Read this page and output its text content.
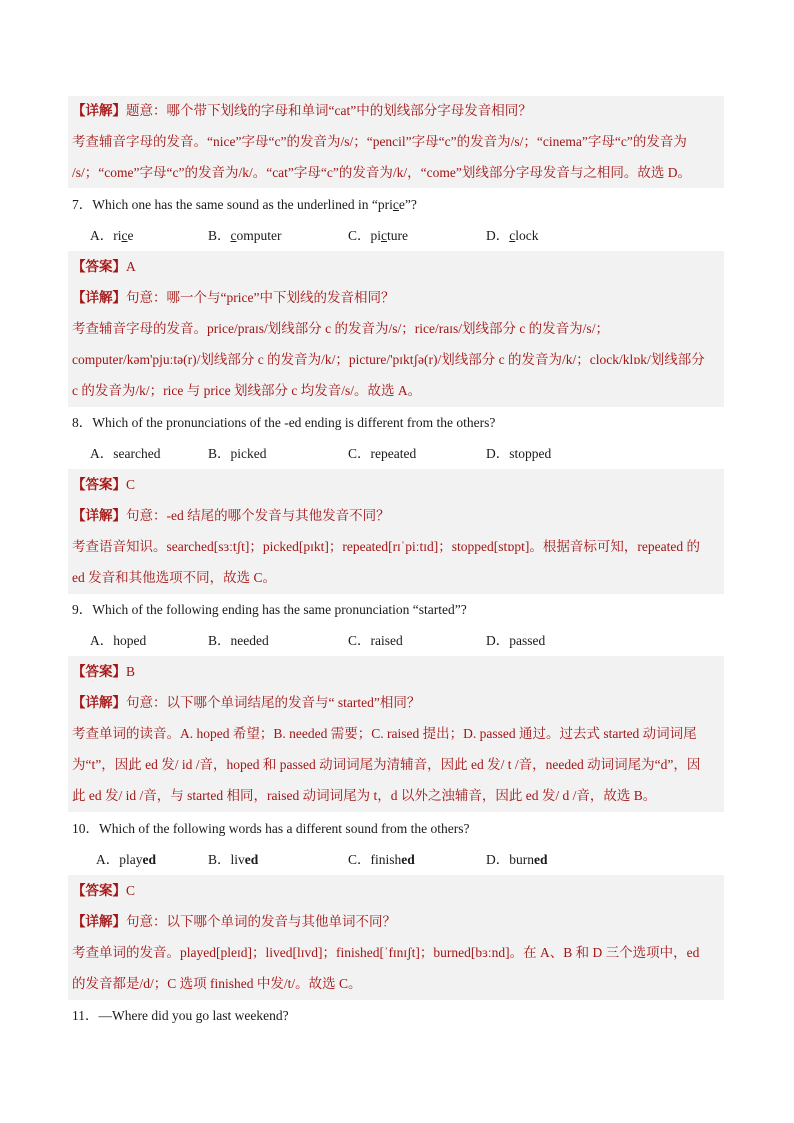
【详解】题意：哪个带下划线的字母和单词“cat”中的划线部分字母发音相同？
考查辅音字母的发音。“nice”字母“c”的发音为/s/；“pencil”字母“c”的发音为/s/；“cinema”字母“c”的发音为
/s/；“come”字母“c”的发音为/k/。“cat”字母“c”的发音为/k/，“come”划线部分字母发音与之相同。故选 D。
7．Which one has the same sound as the underlined in “price”?
A．rice	B．computer	C．picture	D．clock
【答案】A
【详解】句意：哪一个与“price”中下划线的发音相同？
考查辅音字母的发音。price/praɪs/划线部分 c 的发音为/s/；rice/raɪs/划线部分 c 的发音为/s/；
computer/kəm'pjuːtə(r)/划线部分 c 的发音为/k/；picture/'pɪktʃə(r)/划线部分 c 的发音为/k/；clock/klɒk/划线部分
c 的发音为/k/；rice 与 price 划线部分 c 均发音/s/。故选 A。
8．Which of the pronunciations of the -ed ending is different from the others?
A．searched	B．picked	C．repeated	D．stopped
【答案】C
【详解】句意：-ed 结尾的哪个发音与其他发音不同？
考查语音知识。searched[sɜːtʃt]；picked[pɪkt]；repeated[rɪˈpiːtɪd]；stopped[stɒpt]。根据音标可知，repeated 的
ed 发音和其他选项不同，故选 C。
9．Which of the following ending has the same pronunciation “started”?
A．hoped	B．needed	C．raised	D．passed
【答案】B
【详解】句意：以下哪个单词结尾的发音与“ started”相同？
考查单词的读音。A. hoped 希望；B. needed 需要；C. raised 提出；D. passed 通过。过去式 started 动词词尾
为“t”，因此 ed 发/ id /音，hoped 和 passed 动词词尾为清辅音，因此 ed 发/ t /音，needed 动词词尾为“d”，因
此 ed 发/ id /音，与 started 相同，raised 动词词尾为 t，d 以外之浊辅音，因此 ed 发/ d /音，故选 B。
10．Which of the following words has a different sound from the others?
A．played	B．lived	C．finished	D．burned
【答案】C
【详解】句意：以下哪个单词的发音与其他单词不同？
考查单词的发音。played[pleɪd]；lived[lɪvd]；finished[ˈfɪnɪʃt]；burned[bɜːnd]。在 A、B 和 D 三个选项中，ed
的发音都是/d/；C 选项 finished 中发/t/。故选 C。
11．—Where did you go last weekend?
